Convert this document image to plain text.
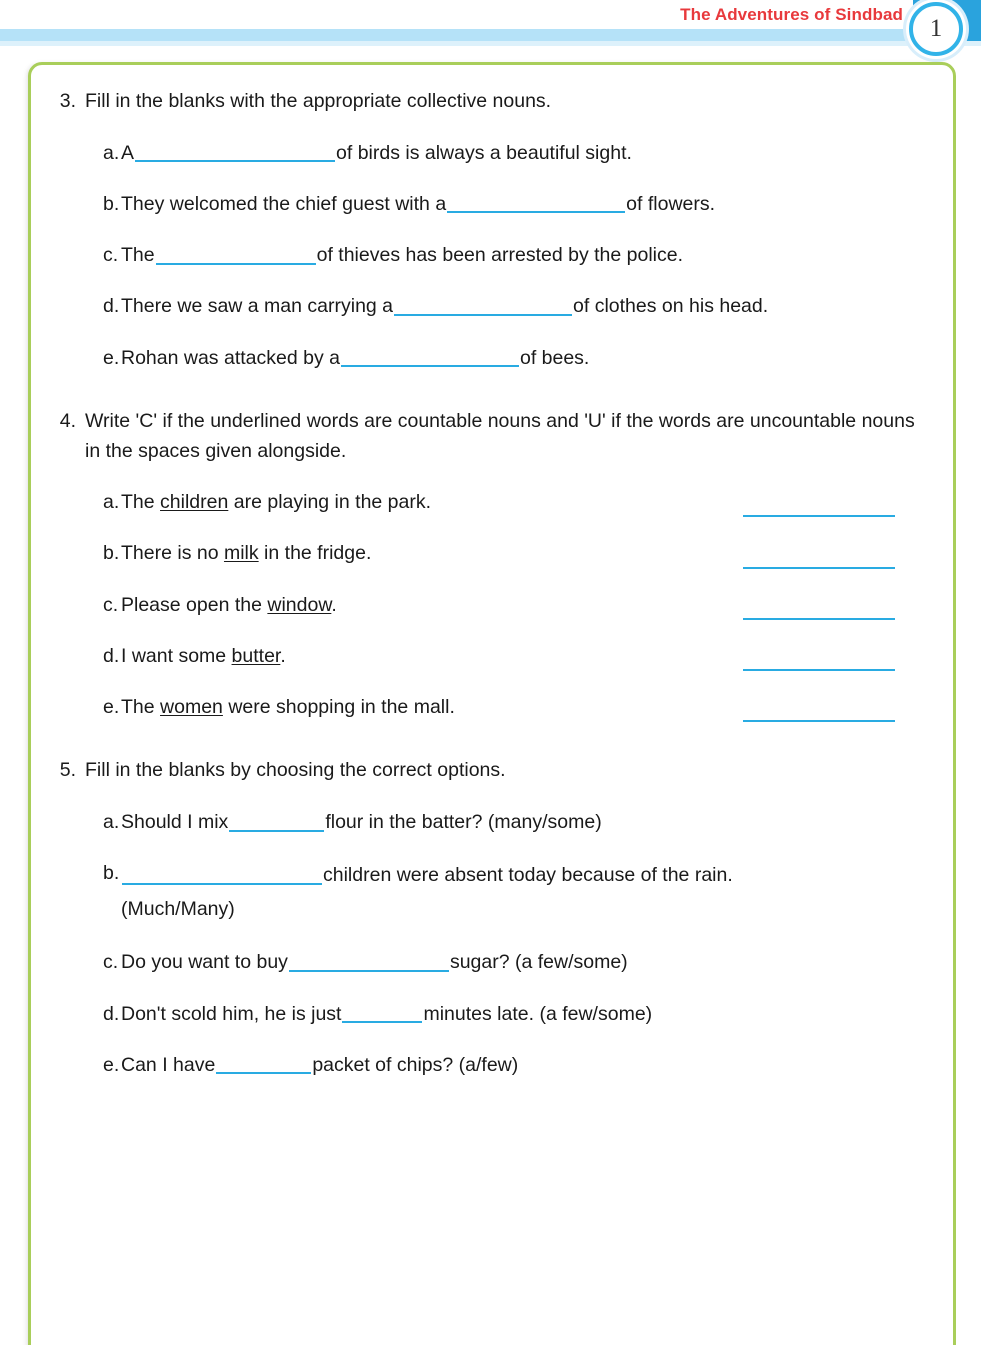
The Adventures of Sindbad 1
3. Fill in the blanks with the appropriate collective nouns.
a. A	of birds is always a beautiful sight.
b. They welcomed the chief guest with a	of flowers.
c. The	of thieves has been arrested by the police.
d. There we saw a man carrying a	of clothes on his head.
e. Rohan was attacked by a	of bees.
4. Write 'C' if the underlined words are countable nouns and 'U' if the words are uncountable nouns in the spaces given alongside.
a. The children are playing in the park.
b. There is no milk in the fridge.
c. Please open the window.
d. I want some butter.
e. The women were shopping in the mall.
5. Fill in the blanks by choosing the correct options.
a. Should I mix	flour in the batter? (many/some)
b.	children were absent today because of the rain.
(Much/Many)
c. Do you want to buy	sugar? (a few/some)
d. Don't scold him, he is just	minutes late. (a few/some)
e. Can I have	packet of chips? (a/few)
